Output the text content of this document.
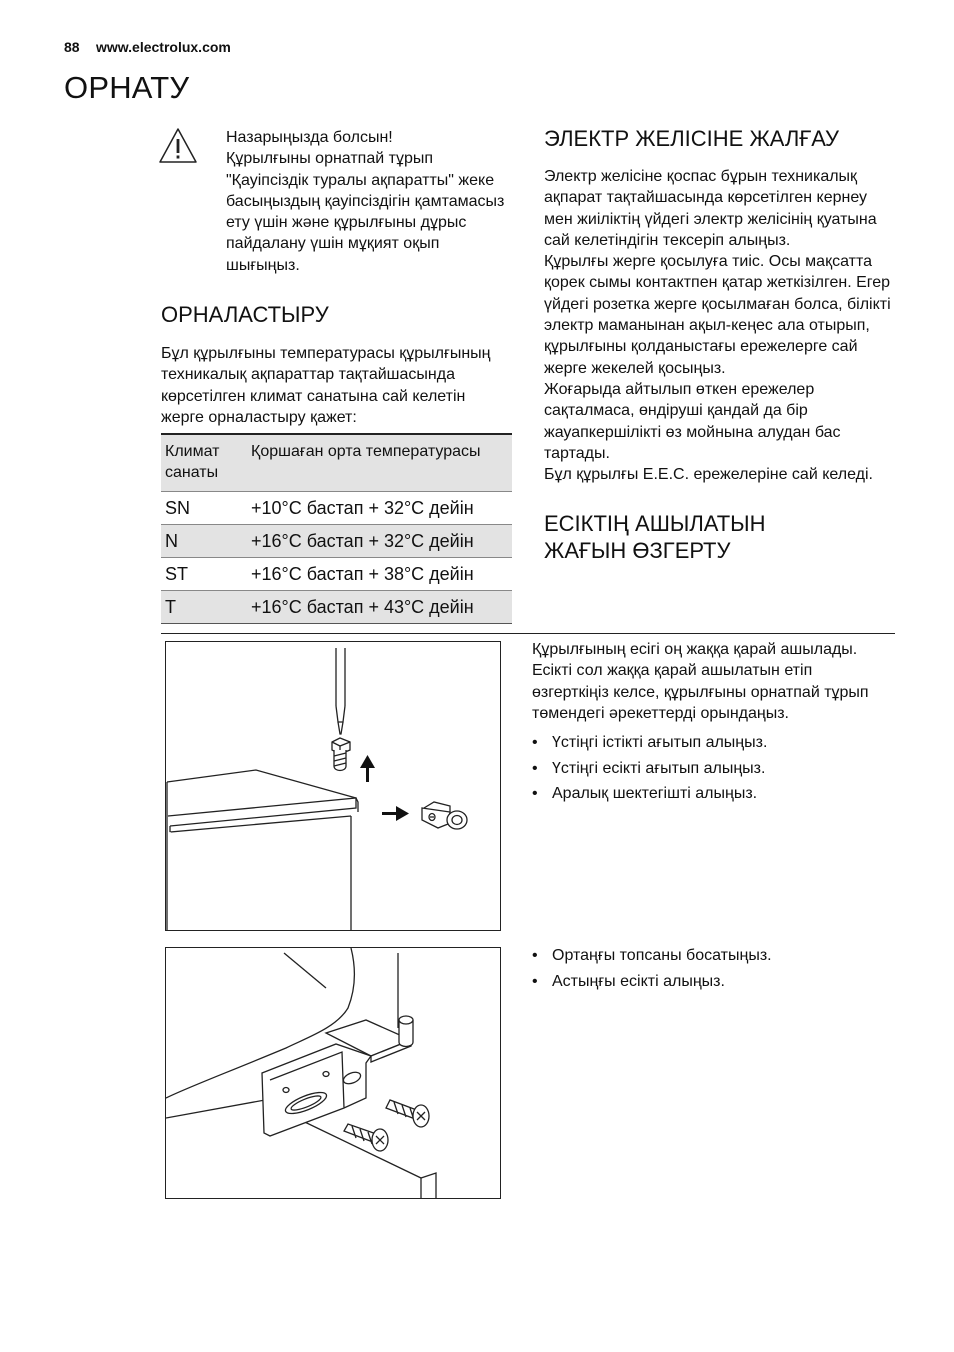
88 www.electrolux.com
ОРНАТУ
Назарыңызда болсын!

Құрылғыны орнатпай тұрып "Қауіпсіздік туралы ақпаратты" жеке басыңыздың қауіпсіздігін қамтамасыз ету үшін және құрылғыны дұрыс пайдалану үшін мұқият оқып шығыңыз.

ОРНАЛАСТЫРУ

Бұл құрылғыны температурасы құрылғының техникалық ақпараттар тақтайшасында көрсетілген климат санатына сай келетін жерге орналастыру қажет:

Климат санаты	Қоршаған орта температурасы
SN	+10°C бастап + 32°C дейін
N	+16°C бастап + 32°C дейін
ST	+16°C бастап + 38°C дейін
T	+16°C бастап + 43°C дейін
ЭЛЕКТР ЖЕЛІСІНЕ ЖАЛҒАУ

Электр желісіне қоспас бұрын техникалық ақпарат тақтайшасында көрсетілген кернеу мен жиіліктің үйдегі электр желісінің қуатына сай келетіндігін тексеріп алыңыз.

Құрылғы жерге қосылуға тиіс. Осы мақсатта қорек сымы контактпен қатар жеткізілген. Егер үйдегі розетка жерге қосылмаған болса, білікті электр маманынан ақыл-кеңес ала отырып, құрылғыны қолданыстағы ережелерге сай жерге жекелей қосыңыз.

Жоғарыда айтылып өткен ережелер сақталмаса, өндіруші қандай да бір жауапкершілікті өз мойнына алудан бас тартады.

Бұл құрылғы E.E.C. ережелеріне сай келеді.

ЕСІКТІҢ АШЫЛАТЫН ЖАҒЫН ӨЗГЕРТУ

Құрылғының есігі оң жаққа қарай ашылады. Есікті сол жаққа қарай ашылатын етіп өзгерткіңіз келсе, құрылғыны орнатпай тұрып төмендегі әрекеттерді орындаңыз.

• Үстіңгі істікті ағытып алыңыз.
• Үстіңгі есікті ағытып алыңыз.
• Аралық шектегішті алыңыз.
• Ортаңғы топсаны босатыңыз.
• Астыңғы есікті алыңыз.
